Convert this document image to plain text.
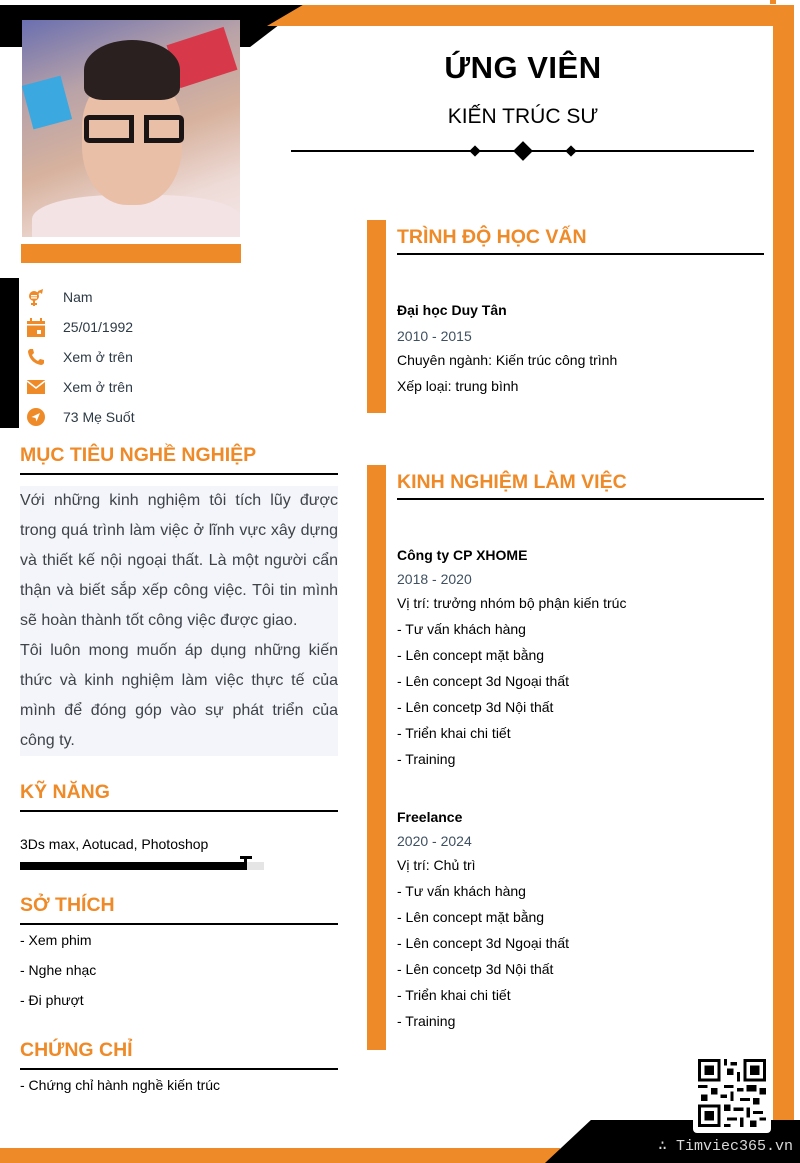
ỨNG VIÊN
KIẾN TRÚC SƯ
Nam
25/01/1992
Xem ở trên
Xem ở trên
73 Mẹ Suốt
MỤC TIÊU NGHỀ NGHIỆP

Với những kinh nghiệm tôi tích lũy được trong quá trình làm việc ở lĩnh vực xây dựng và thiết kế nội ngoại thất. Là một người cẩn thận và biết sắp xếp công việc. Tôi tin mình sẽ hoàn thành tốt công việc được giao.

Tôi luôn mong muốn áp dụng những kiến thức và kinh nghiệm làm việc thực tế của mình để đóng góp vào sự phát triển của công ty.

KỸ NĂNG
3Ds max, Aotucad, Photoshop
SỞ THÍCH
- Xem phim
- Nghe nhạc
- Đi phượt
CHỨNG CHỈ
- Chứng chỉ hành nghề kiến trúc
TRÌNH ĐỘ HỌC VẤN
Đại học Duy Tân
2010 - 2015
Chuyên ngành: Kiến trúc công trình
Xếp loại: trung bình
KINH NGHIỆM LÀM VIỆC
Công ty CP XHOME
2018 - 2020
Vị trí: trưởng nhóm bộ phận kiến trúc
- Tư vấn khách hàng
- Lên concept mặt bằng
- Lên concept 3d Ngoại thất
- Lên concetp 3d Nội thất
- Triển khai chi tiết
- Training
Freelance
2020 - 2024
Vị trí: Chủ trì
- Tư vấn khách hàng
- Lên concept mặt bằng
- Lên concept 3d Ngoại thất
- Lên concetp 3d Nội thất
- Triển khai chi tiết
- Training
∴ Timviec365.vn
